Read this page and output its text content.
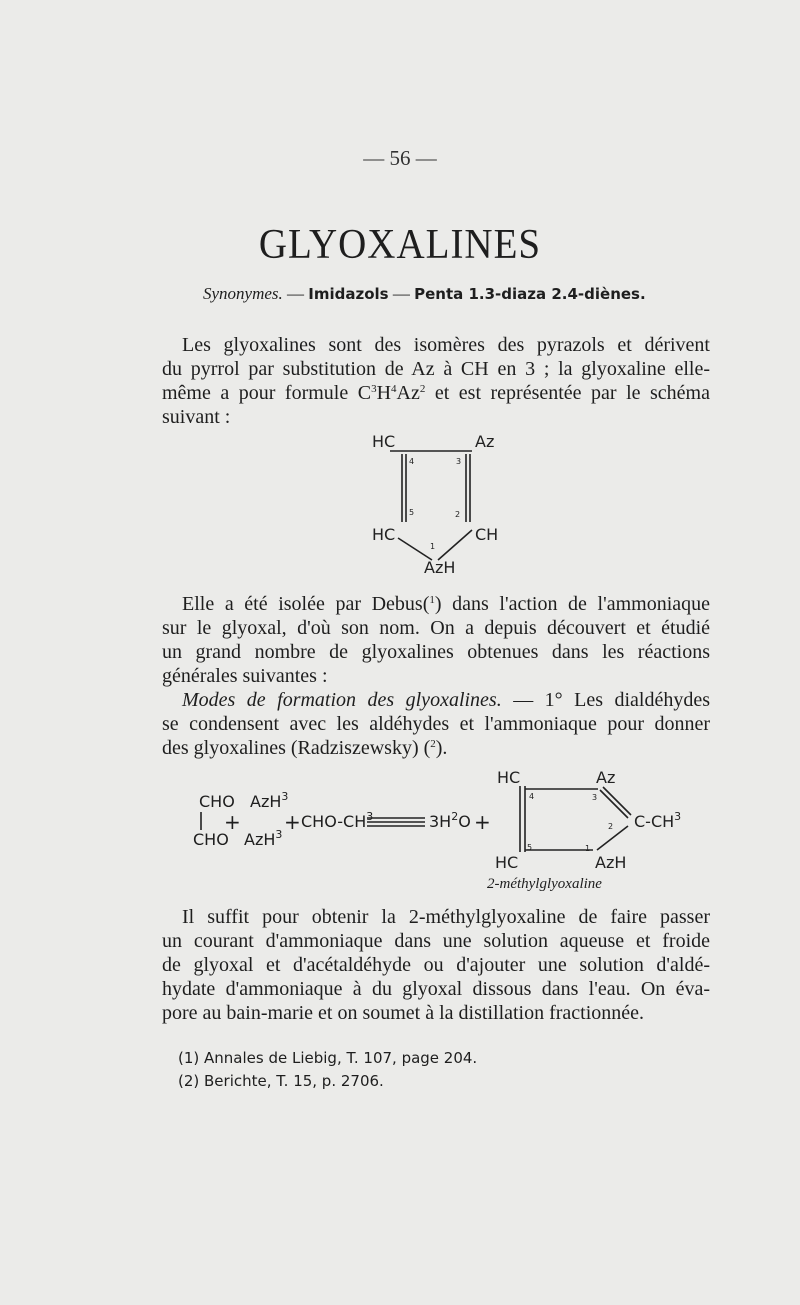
— 56 —
GLYOXALINES
Synonymes. — Imidazols — Penta 1.3-diaza 2.4-diènes.
Les glyoxalines sont des isomères des pyrazols et dérivent
du pyrrol par substitution de Az à CH en 3 ; la glyoxaline elle-
même a pour formule $C^3H^4Az^2$ et est représentée par le schéma
suivant :
HC	Az
HC	CH
AzH
4	3
5	2
1
Elle a été isolée par Debus($^1$) dans l'action de l'ammoniaque
sur le glyoxal, d'où son nom. On a depuis découvert et étudié
un grand nombre de glyoxalines obtenues dans les réactions
générales suivantes :
Modes de formation des glyoxalines. — 1° Les dialdéhydes
se condensent avec les aldéhydes et l'ammoniaque pour donner
des glyoxalines (Radziszewsky) ($^2$).
CHO
CHO
AzH$^3$
AzH$^3$
+ + CHO-$CH^3$	$3H^2O$ +
HC	Az
HC	AzH
$C-CH^3$
4	3
2
5	1
2-méthylglyoxaline
Il suffit pour obtenir la 2-méthylglyoxaline de faire passer
un courant d'ammoniaque dans une solution aqueuse et froide
de glyoxal et d'acétaldéhyde ou d'ajouter une solution d'aldé-
hydate d'ammoniaque à du glyoxal dissous dans l'eau. On éva-
pore au bain-marie et on soumet à la distillation fractionnée.
(1) Annales de Liebig, T. 107, page 204.
(2) Berichte, T. 15, p. 2706.
